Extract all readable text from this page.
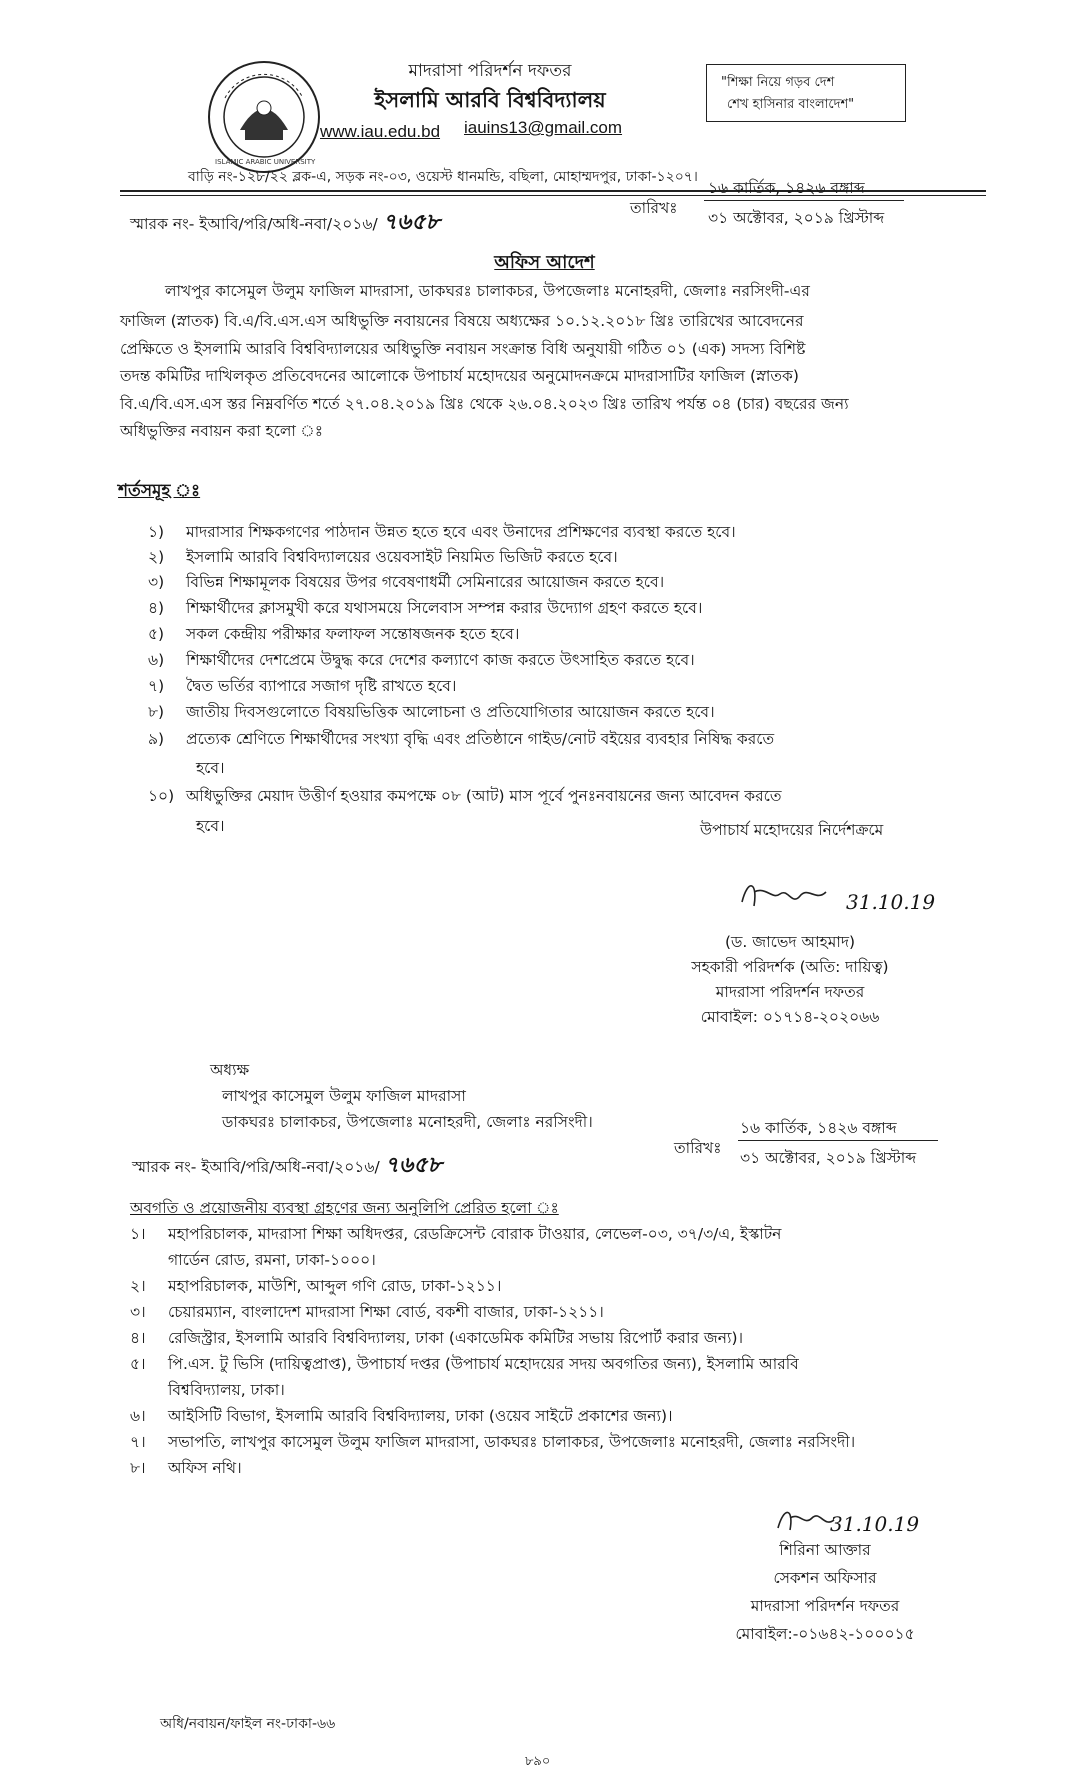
ISLAMIC ARABIC UNIVERSITY
মাদরাসা পরিদর্শন দফতর
ইসলামি আরবি বিশ্ববিদ্যালয়
www.iau.edu.bd iauins13@gmail.com
"শিক্ষা নিয়ে গড়ব দেশ
শেখ হাসিনার বাংলাদেশ"
বাড়ি নং-১২৮/২২ ব্লক-এ, সড়ক নং-০৩, ওয়েস্ট ধানমন্ডি, বছিলা, মোহাম্মদপুর, ঢাকা-১২০৭।
স্মারক নং- ইআবি/পরি/অধি-নবা/২০১৬/ ৭৬৫৮
তারিখঃ
১৬ কার্তিক, ১৪২৬ বঙ্গাব্দ
৩১ অক্টোবর, ২০১৯ খ্রিস্টাব্দ
অফিস আদেশ
লাখপুর কাসেমুল উলুম ফাজিল মাদরাসা, ডাকঘরঃ চালাকচর, উপজেলাঃ মনোহরদী, জেলাঃ নরসিংদী-এর
ফাজিল (স্নাতক) বি.এ/বি.এস.এস অধিভুক্তি নবায়নের বিষয়ে অধ্যক্ষের ১০.১২.২০১৮ খ্রিঃ তারিখের আবেদনের
প্রেক্ষিতে ও ইসলামি আরবি বিশ্ববিদ্যালয়ের অধিভুক্তি নবায়ন সংক্রান্ত বিধি অনুযায়ী গঠিত ০১ (এক) সদস্য বিশিষ্ট
তদন্ত কমিটির দাখিলকৃত প্রতিবেদনের আলোকে উপাচার্য মহোদয়ের অনুমোদনক্রমে মাদরাসাটির ফাজিল (স্নাতক)
বি.এ/বি.এস.এস স্তর নিম্নবর্ণিত শর্তে ২৭.০৪.২০১৯ খ্রিঃ থেকে ২৬.০৪.২০২৩ খ্রিঃ তারিখ পর্যন্ত ০৪ (চার) বছরের জন্য
অধিভুক্তির নবায়ন করা হলো ঃ
শর্তসমূহ ঃ
১) মাদরাসার শিক্ষকগণের পাঠদান উন্নত হতে হবে এবং উনাদের প্রশিক্ষণের ব্যবস্থা করতে হবে।
২) ইসলামি আরবি বিশ্ববিদ্যালয়ের ওয়েবসাইট নিয়মিত ভিজিট করতে হবে।
৩) বিভিন্ন শিক্ষামূলক বিষয়ের উপর গবেষণাধর্মী সেমিনারের আয়োজন করতে হবে।
৪) শিক্ষার্থীদের ক্লাসমুখী করে যথাসময়ে সিলেবাস সম্পন্ন করার উদ্যোগ গ্রহণ করতে হবে।
৫) সকল কেন্দ্রীয় পরীক্ষার ফলাফল সন্তোষজনক হতে হবে।
৬) শিক্ষার্থীদের দেশপ্রেমে উদ্বুদ্ধ করে দেশের কল্যাণে কাজ করতে উৎসাহিত করতে হবে।
৭) দ্বৈত ভর্তির ব্যাপারে সজাগ দৃষ্টি রাখতে হবে।
৮) জাতীয় দিবসগুলোতে বিষয়ভিত্তিক আলোচনা ও প্রতিযোগিতার আয়োজন করতে হবে।
৯) প্রত্যেক শ্রেণিতে শিক্ষার্থীদের সংখ্যা বৃদ্ধি এবং প্রতিষ্ঠানে গাইড/নোট বইয়ের ব্যবহার নিষিদ্ধ করতে
হবে।
১০) অধিভুক্তির মেয়াদ উত্তীর্ণ হওয়ার কমপক্ষে ০৮ (আট) মাস পূর্বে পুনঃনবায়নের জন্য আবেদন করতে
হবে।	উপাচার্য মহোদয়ের নির্দেশক্রমে
31.10.19
(ড. জাভেদ আহমাদ)
সহকারী পরিদর্শক (অতি: দায়িত্ব)
মাদরাসা পরিদর্শন দফতর
মোবাইল: ০১৭১৪-২০২০৬৬
অধ্যক্ষ
লাখপুর কাসেমুল উলুম ফাজিল মাদরাসা
ডাকঘরঃ চালাকচর, উপজেলাঃ মনোহরদী, জেলাঃ নরসিংদী।
স্মারক নং- ইআবি/পরি/অধি-নবা/২০১৬/ ৭৬৫৮
তারিখঃ
১৬ কার্তিক, ১৪২৬ বঙ্গাব্দ
৩১ অক্টোবর, ২০১৯ খ্রিস্টাব্দ
অবগতি ও প্রয়োজনীয় ব্যবস্থা গ্রহণের জন্য অনুলিপি প্রেরিত হলো ঃ
১। মহাপরিচালক, মাদরাসা শিক্ষা অধিদপ্তর, রেডক্রিসেন্ট বোরাক টাওয়ার, লেভেল-০৩, ৩৭/৩/এ, ইস্কাটন
গার্ডেন রোড, রমনা, ঢাকা-১০০০।
২। মহাপরিচালক, মাউশি, আব্দুল গণি রোড, ঢাকা-১২১১।
৩। চেয়ারম্যান, বাংলাদেশ মাদরাসা শিক্ষা বোর্ড, বকশী বাজার, ঢাকা-১২১১।
৪। রেজিস্ট্রার, ইসলামি আরবি বিশ্ববিদ্যালয়, ঢাকা (একাডেমিক কমিটির সভায় রিপোর্ট করার জন্য)।
৫। পি.এস. টু ভিসি (দায়িত্বপ্রাপ্ত), উপাচার্য দপ্তর (উপাচার্য মহোদয়ের সদয় অবগতির জন্য), ইসলামি আরবি
বিশ্ববিদ্যালয়, ঢাকা।
৬। আইসিটি বিভাগ, ইসলামি আরবি বিশ্ববিদ্যালয়, ঢাকা (ওয়েব সাইটে প্রকাশের জন্য)।
৭। সভাপতি, লাখপুর কাসেমুল উলুম ফাজিল মাদরাসা, ডাকঘরঃ চালাকচর, উপজেলাঃ মনোহরদী, জেলাঃ নরসিংদী।
৮। অফিস নথি।
31.10.19
শিরিনা আক্তার
সেকশন অফিসার
মাদরাসা পরিদর্শন দফতর
মোবাইল:-০১৬৪২-১০০০১৫
অধি/নবায়ন/ফাইল নং-ঢাকা-৬৬
৮৯০
